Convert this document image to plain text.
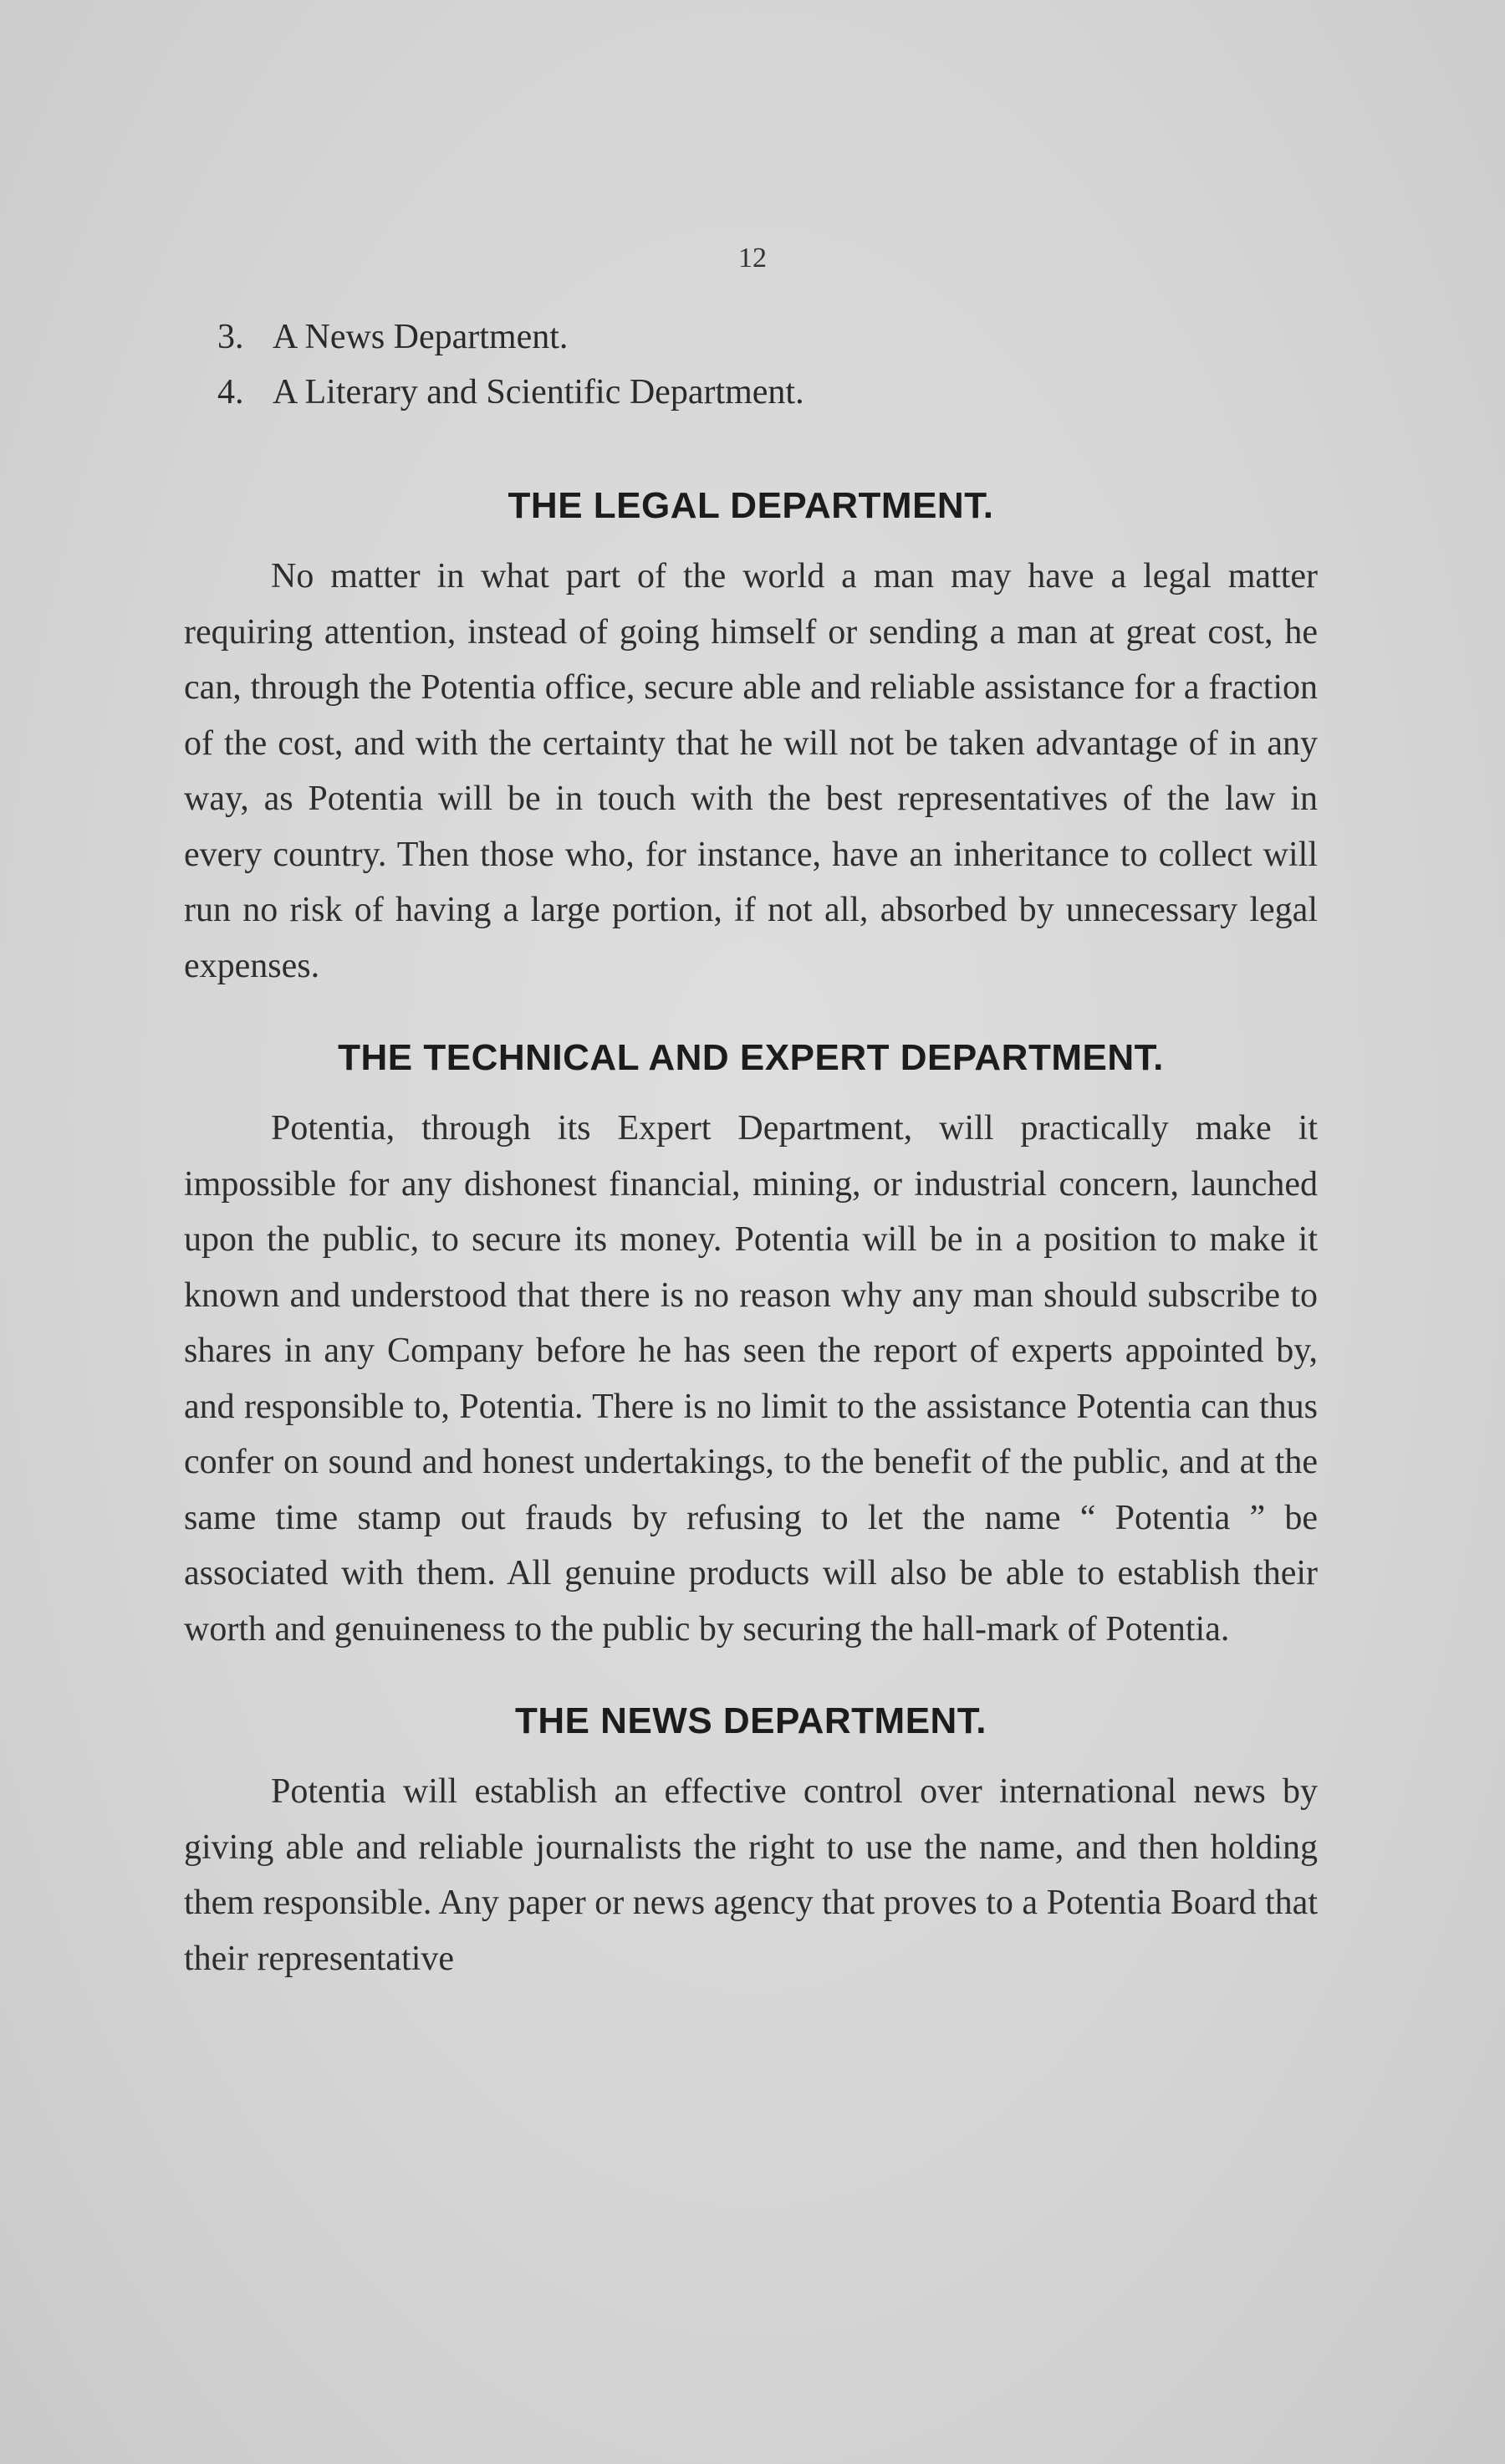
12

3. A News Department.

4. A Literary and Scientific Department.

THE LEGAL DEPARTMENT.

No matter in what part of the world a man may have a legal matter requiring attention, instead of going himself or sending a man at great cost, he can, through the Potentia office, secure able and reliable assistance for a fraction of the cost, and with the certainty that he will not be taken advantage of in any way, as Potentia will be in touch with the best representatives of the law in every country. Then those who, for instance, have an inheritance to collect will run no risk of having a large portion, if not all, absorbed by unnecessary legal expenses.

THE TECHNICAL AND EXPERT DEPARTMENT.

Potentia, through its Expert Department, will practically make it impossible for any dishonest financial, mining, or industrial concern, launched upon the public, to secure its money. Potentia will be in a position to make it known and understood that there is no reason why any man should subscribe to shares in any Company before he has seen the report of experts appointed by, and responsible to, Potentia. There is no limit to the assistance Potentia can thus confer on sound and honest undertakings, to the benefit of the public, and at the same time stamp out frauds by refusing to let the name “ Potentia ” be associated with them. All genuine products will also be able to establish their worth and genuineness to the public by securing the hall-mark of Potentia.

THE NEWS DEPARTMENT.

Potentia will establish an effective control over international news by giving able and reliable journalists the right to use the name, and then holding them responsible. Any paper or news agency that proves to a Potentia Board that their representative
